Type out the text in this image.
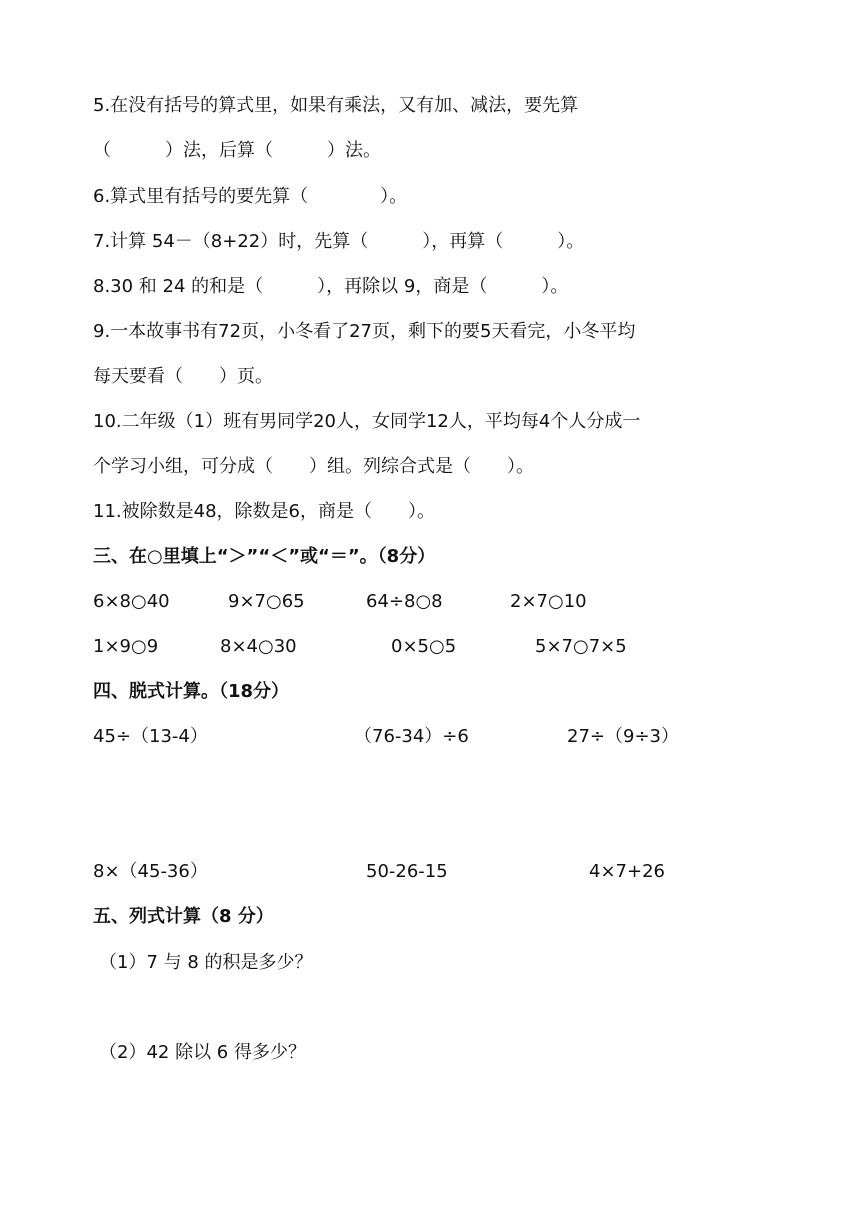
5.在没有括号的算式里，如果有乘法，又有加、减法，要先算
（　　　）法，后算（　　　）法。
6.算式里有括号的要先算（　　　　）。
7.计算 54－（8+22）时，先算（　　　），再算（　　　）。
8.30 和 24 的和是（　　　），再除以 9，商是（　　　）。
9.一本故事书有72页，小冬看了27页，剩下的要5天看完，小冬平均
每天要看（　　）页。
10.二年级（1）班有男同学20人，女同学12人，平均每4个人分成一
个学习小组，可分成（　　）组。列综合式是（　　）。
11.被除数是48，除数是6，商是（　　）。
三、在○里填上“＞”“＜”或“＝”。（8分）
6×8○40	9×7○65	64÷8○8	2×7○10
1×9○9	8×4○30	0×5○5	5×7○7×5
四、脱式计算。（18分）
45÷（13-4）	（76-34）÷6	27÷（9÷3）
8×（45-36）	50-26-15	4×7+26
五、列式计算（8 分）
（1）7 与 8 的积是多少？
（2）42 除以 6 得多少？
